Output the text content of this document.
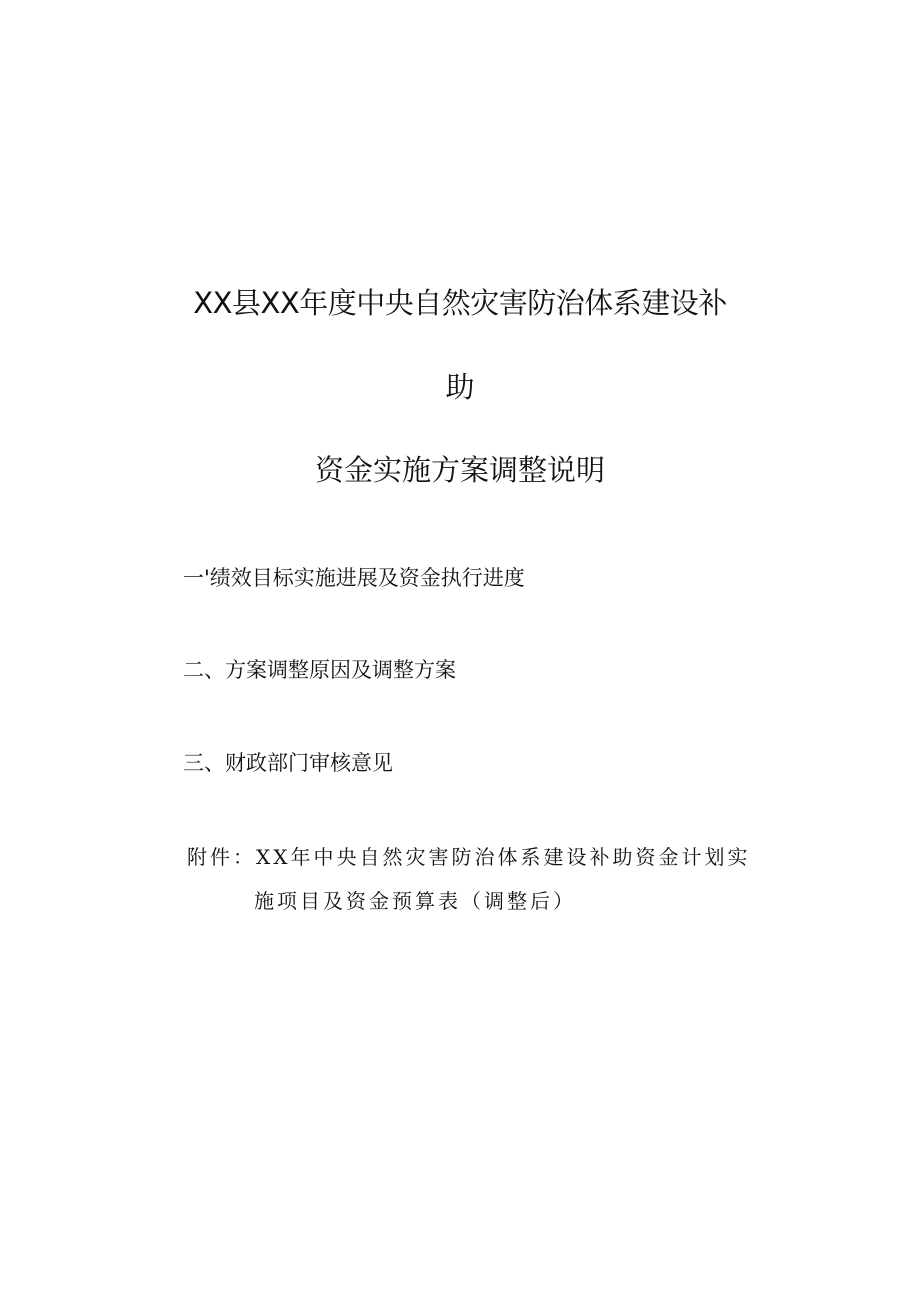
XX县XX年度中央自然灾害防治体系建设补
助
资金实施方案调整说明
一'绩效目标实施进展及资金执行进度
二、方案调整原因及调整方案
三、财政部门审核意见
附件：XX年中央自然灾害防治体系建设补助资金计划实
施项目及资金预算表（调整后）
